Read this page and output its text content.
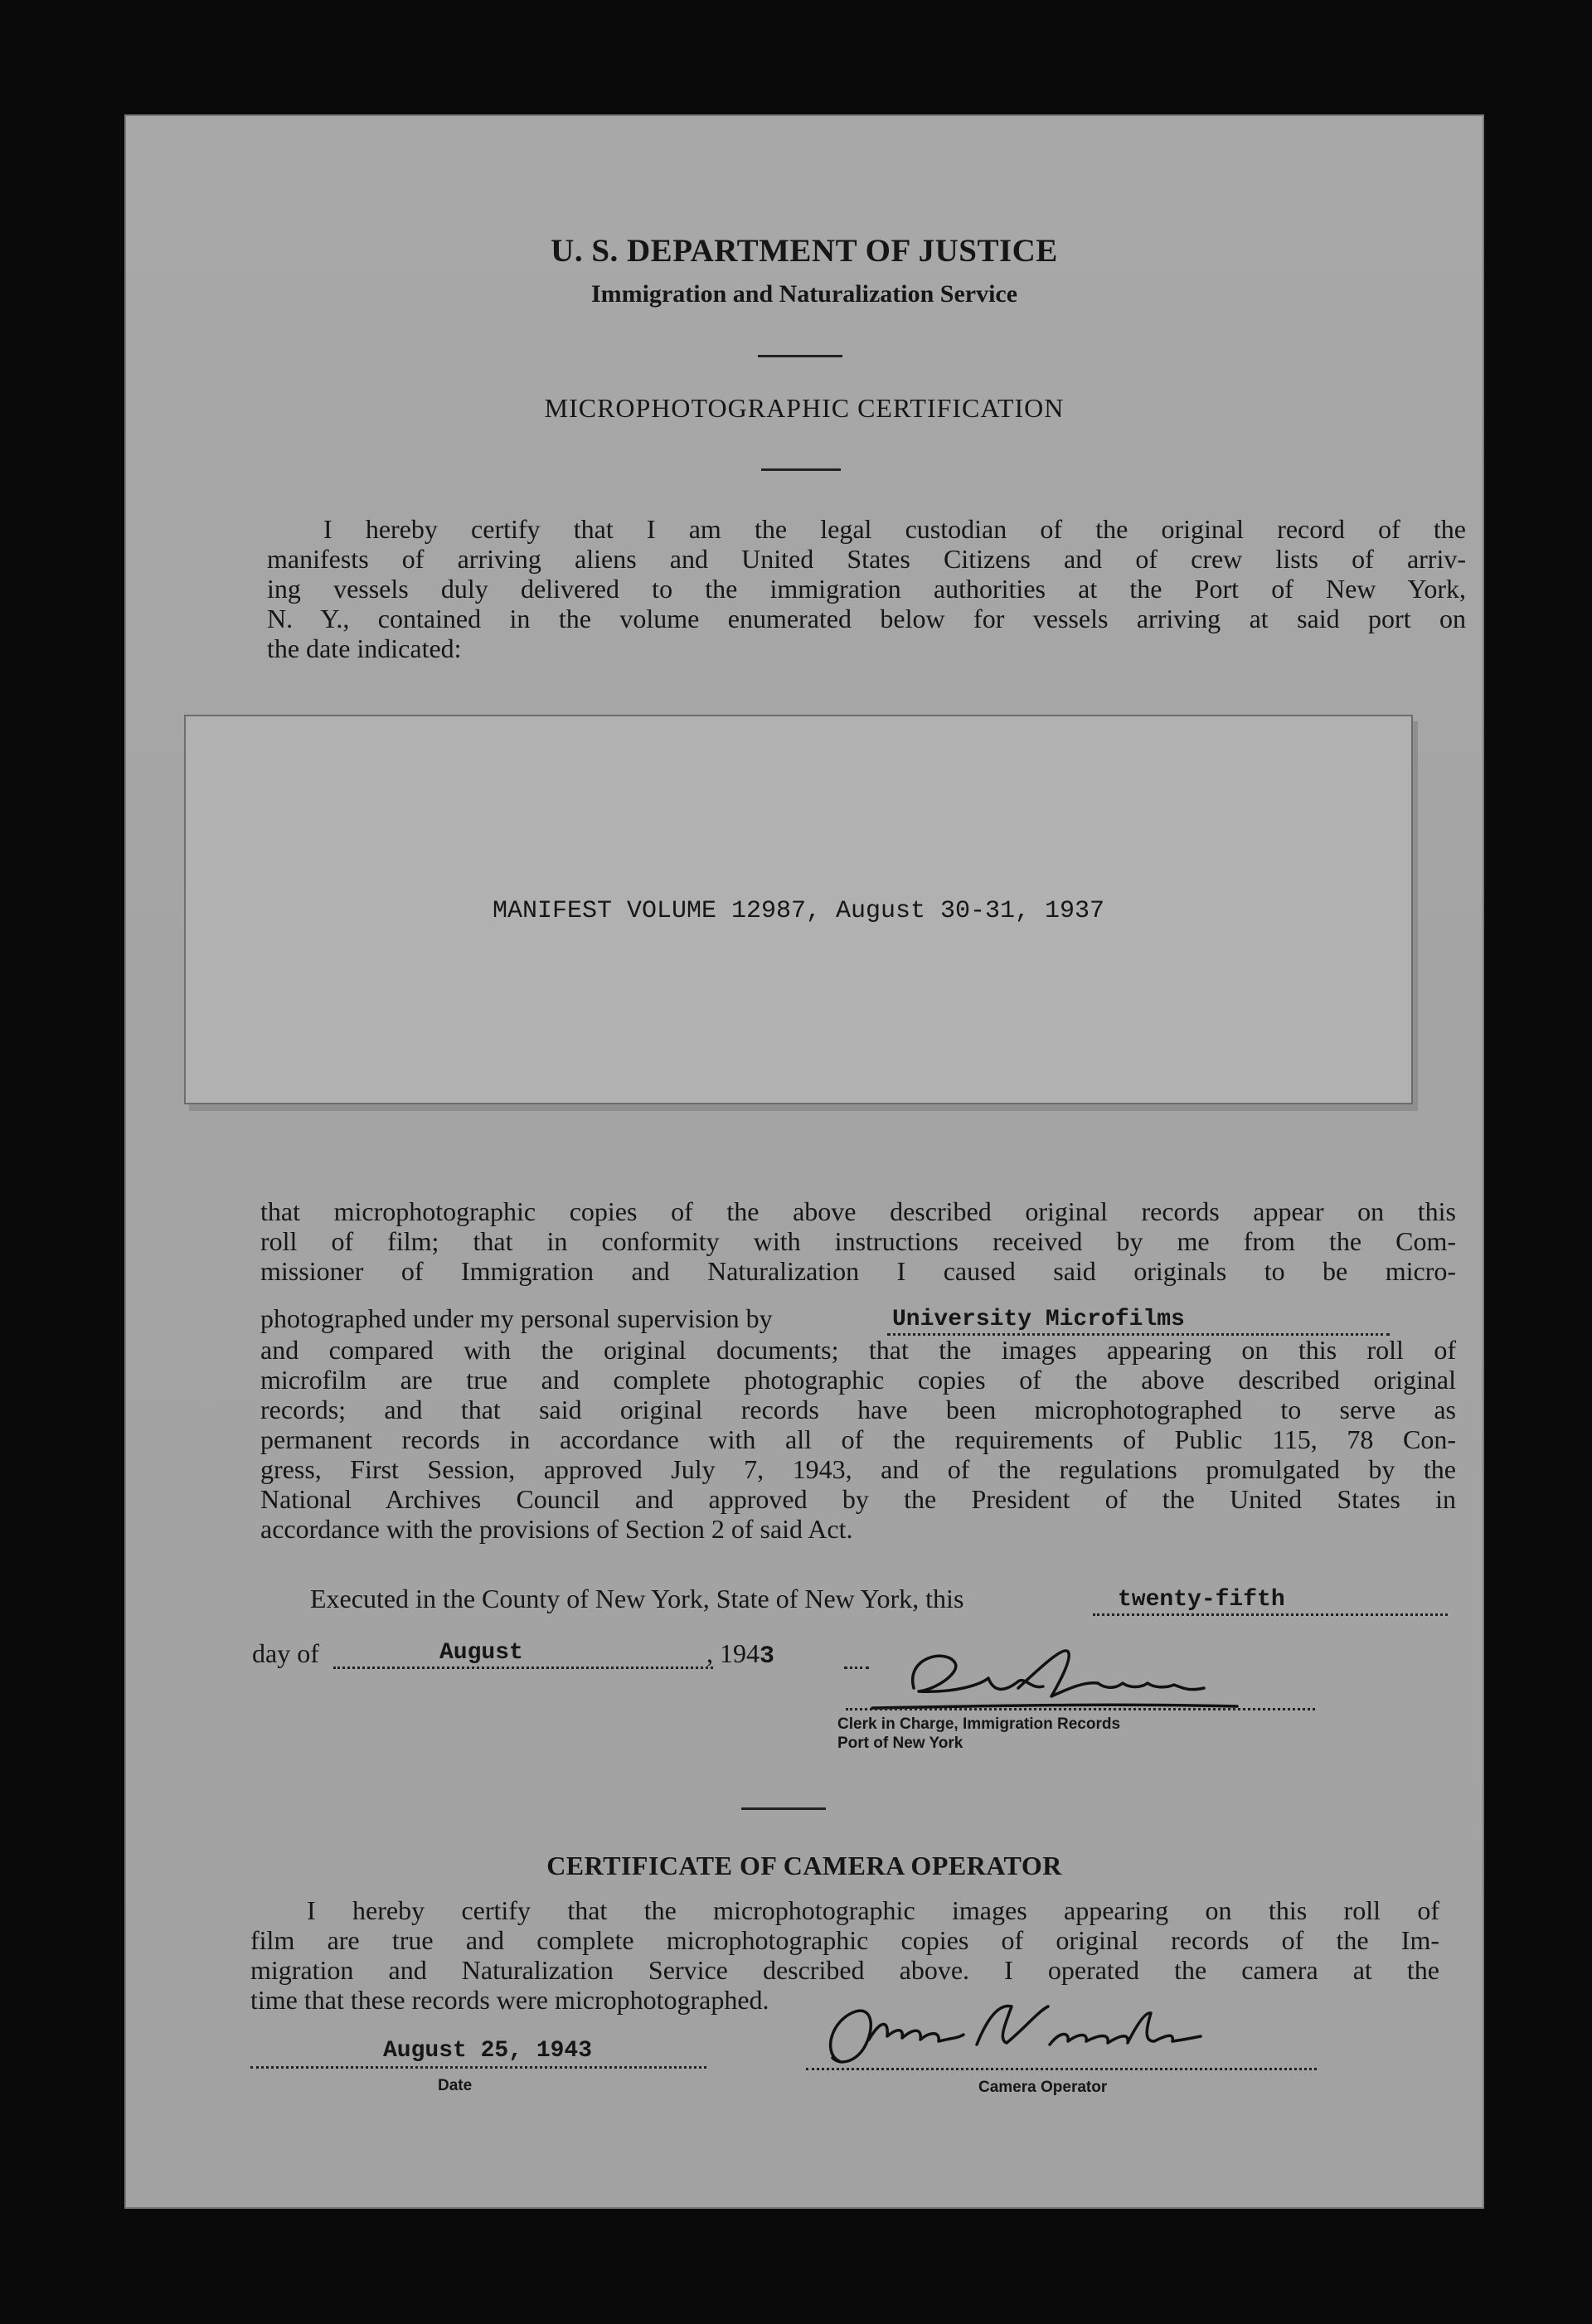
U. S. DEPARTMENT OF JUSTICE
Immigration and Naturalization Service
MICROPHOTOGRAPHIC CERTIFICATION
I hereby certify that I am the legal custodian of the original record of the
manifests of arriving aliens and United States Citizens and of crew lists of arriv-
ing vessels duly delivered to the immigration authorities at the Port of New York,
N. Y., contained in the volume enumerated below for vessels arriving at said port on
the date indicated:
MANIFEST VOLUME 12987, August 30-31, 1937
that microphotographic copies of the above described original records appear on this
roll of film; that in conformity with instructions received by me from the Com-
missioner of Immigration and Naturalization I caused said originals to be micro-
photographed under my personal supervision by	University Microfilms
and compared with the original documents; that the images appearing on this roll of
microfilm are true and complete photographic copies of the above described original
records; and that said original records have been microphotographed to serve as
permanent records in accordance with all of the requirements of Public 115, 78 Con-
gress, First Session, approved July 7, 1943, and of the regulations promulgated by the
National Archives Council and approved by the President of the United States in
accordance with the provisions of Section 2 of said Act.
Executed in the County of New York, State of New York, this	twenty-fifth
day of	August	, 1943
Clerk in Charge, Immigration Records
Port of New York
CERTIFICATE OF CAMERA OPERATOR
I hereby certify that the microphotographic images appearing on this roll of
film are true and complete microphotographic copies of original records of the Im-
migration and Naturalization Service described above. I operated the camera at the
time that these records were microphotographed.
August 25, 1943
Date	Camera Operator
